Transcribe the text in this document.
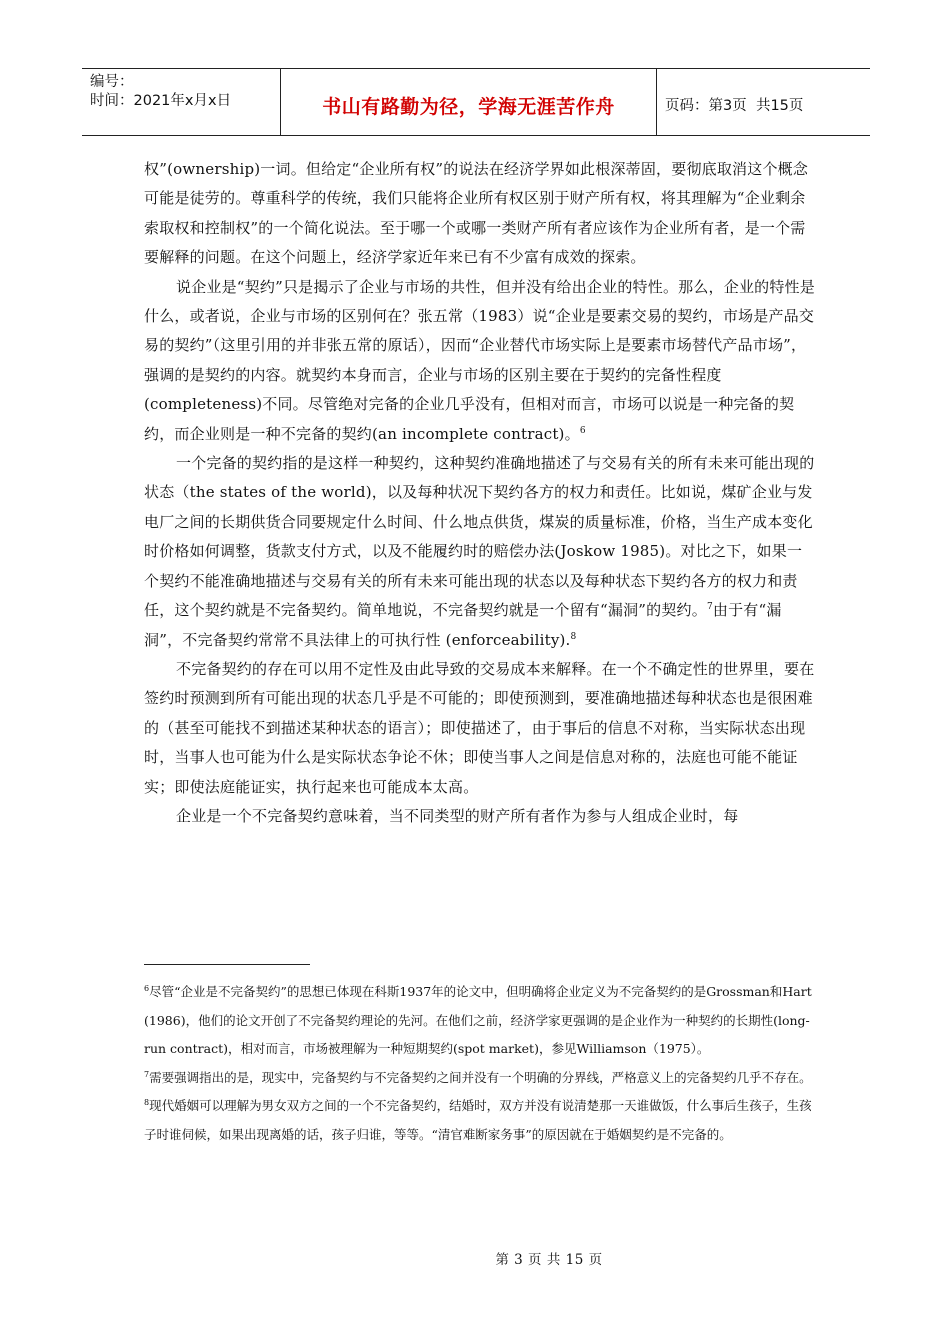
编号：
时间：2021年x月x日	书山有路勤为径，学海无涯苦作舟	页码：第3页  共15页

权”(ownership)一词。但给定“企业所有权”的说法在经济学界如此根深蒂固，要彻底取消这个概念可能是徒劳的。尊重科学的传统，我们只能将企业所有权区别于财产所有权，将其理解为“企业剩余索取权和控制权”的一个简化说法。至于哪一个或哪一类财产所有者应该作为企业所有者，是一个需要解释的问题。在这个问题上，经济学家近年来已有不少富有成效的探索。

说企业是“契约”只是揭示了企业与市场的共性，但并没有给出企业的特性。那么，企业的特性是什么，或者说，企业与市场的区别何在？张五常（1983）说“企业是要素交易的契约，市场是产品交易的契约”（这里引用的并非张五常的原话），因而“企业替代市场实际上是要素市场替代产品市场”，强调的是契约的内容。就契约本身而言，企业与市场的区别主要在于契约的完备性程度 (completeness)不同。尽管绝对完备的企业几乎没有，但相对而言，市场可以说是一种完备的契约，而企业则是一种不完备的契约(an incomplete contract)。$^6$

一个完备的契约指的是这样一种契约，这种契约准确地描述了与交易有关的所有未来可能出现的状态（the states of the world)，以及每种状况下契约各方的权力和责任。比如说，煤矿企业与发电厂之间的长期供货合同要规定什么时间、什么地点供货，煤炭的质量标准，价格，当生产成本变化时价格如何调整，货款支付方式，以及不能履约时的赔偿办法(Joskow 1985)。对比之下，如果一个契约不能准确地描述与交易有关的所有未来可能出现的状态以及每种状态下契约各方的权力和责任，这个契约就是不完备契约。简单地说，不完备契约就是一个留有“漏洞”的契约。$^7$由于有“漏洞”，不完备契约常常不具法律上的可执行性 (enforceability).$^8$

不完备契约的存在可以用不定性及由此导致的交易成本来解释。在一个不确定性的世界里，要在签约时预测到所有可能出现的状态几乎是不可能的；即使预测到，要准确地描述每种状态也是很困难的（甚至可能找不到描述某种状态的语言）；即使描述了，由于事后的信息不对称，当实际状态出现时，当事人也可能为什么是实际状态争论不休；即使当事人之间是信息对称的，法庭也可能不能证实；即使法庭能证实，执行起来也可能成本太高。

企业是一个不完备契约意味着，当不同类型的财产所有者作为参与人组成企业时，每

$^6$尽管“企业是不完备契约”的思想已体现在科斯1937年的论文中，但明确将企业定义为不完备契约的是Grossman和Hart (1986)，他们的论文开创了不完备契约理论的先河。在他们之前，经济学家更强调的是企业作为一种契约的长期性(long-run contract)，相对而言，市场被理解为一种短期契约(spot market)，参见Williamson（1975）。

$^7$需要强调指出的是，现实中，完备契约与不完备契约之间并没有一个明确的分界线，严格意义上的完备契约几乎不存在。

$^8$现代婚姻可以理解为男女双方之间的一个不完备契约，结婚时，双方并没有说清楚那一天谁做饭，什么事后生孩子，生孩子时谁伺候，如果出现离婚的话，孩子归谁，等等。“清官难断家务事”的原因就在于婚姻契约是不完备的。

第 3 页 共 15 页
